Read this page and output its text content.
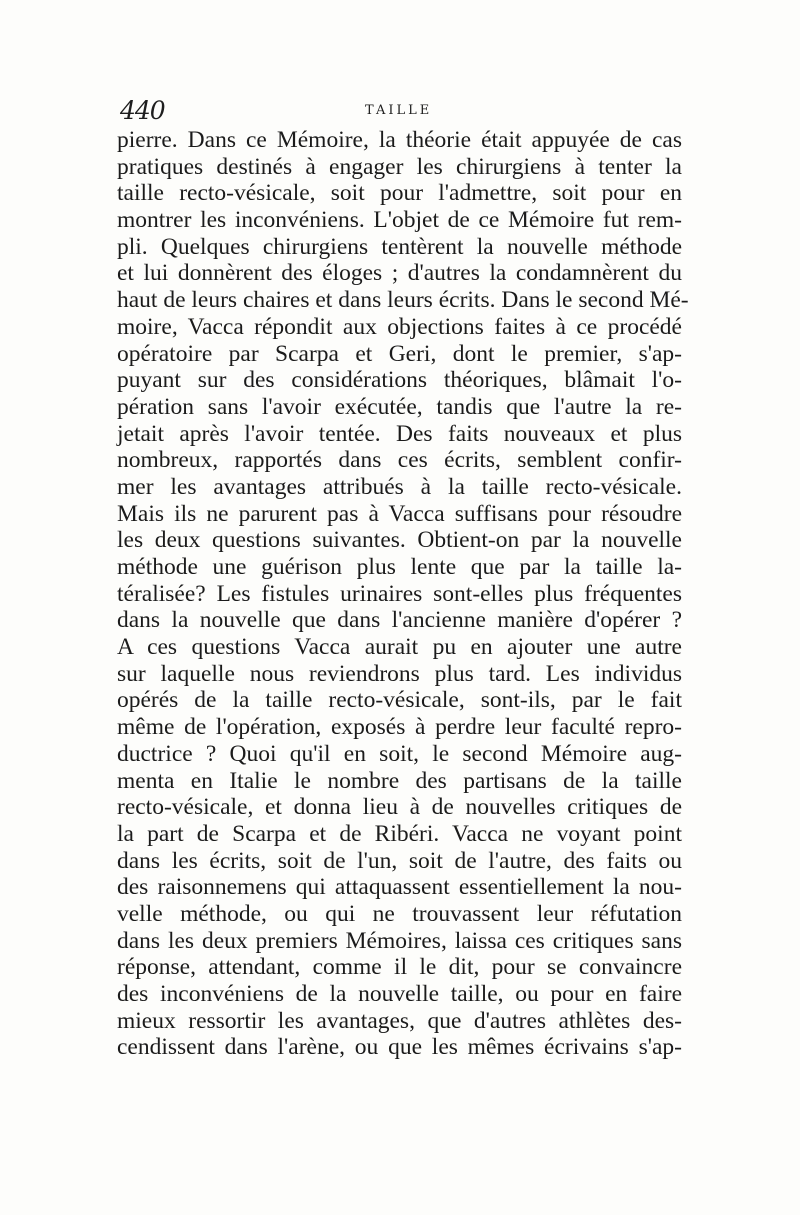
440	TAILLE
pierre. Dans ce Mémoire, la théorie était appuyée de cas
pratiques destinés à engager les chirurgiens à tenter la
taille recto-vésicale, soit pour l'admettre, soit pour en
montrer les inconvéniens. L'objet de ce Mémoire fut rem-
pli. Quelques chirurgiens tentèrent la nouvelle méthode
et lui donnèrent des éloges ; d'autres la condamnèrent du
haut de leurs chaires et dans leurs écrits. Dans le second Mé-
moire, Vacca répondit aux objections faites à ce procédé
opératoire par Scarpa et Geri, dont le premier, s'ap-
puyant sur des considérations théoriques, blâmait l'o-
pération sans l'avoir exécutée, tandis que l'autre la re-
jetait après l'avoir tentée. Des faits nouveaux et plus
nombreux, rapportés dans ces écrits, semblent confir-
mer les avantages attribués à la taille recto-vésicale.
Mais ils ne parurent pas à Vacca suffisans pour résoudre
les deux questions suivantes. Obtient-on par la nouvelle
méthode une guérison plus lente que par la taille la-
téralisée? Les fistules urinaires sont-elles plus fréquentes
dans la nouvelle que dans l'ancienne manière d'opérer ?
A ces questions Vacca aurait pu en ajouter une autre
sur laquelle nous reviendrons plus tard. Les individus
opérés de la taille recto-vésicale, sont-ils, par le fait
même de l'opération, exposés à perdre leur faculté repro-
ductrice ? Quoi qu'il en soit, le second Mémoire aug-
menta en Italie le nombre des partisans de la taille
recto-vésicale, et donna lieu à de nouvelles critiques de
la part de Scarpa et de Ribéri. Vacca ne voyant point
dans les écrits, soit de l'un, soit de l'autre, des faits ou
des raisonnemens qui attaquassent essentiellement la nou-
velle méthode, ou qui ne trouvassent leur réfutation
dans les deux premiers Mémoires, laissa ces critiques sans
réponse, attendant, comme il le dit, pour se convaincre
des inconvéniens de la nouvelle taille, ou pour en faire
mieux ressortir les avantages, que d'autres athlètes des-
cendissent dans l'arène, ou que les mêmes écrivains s'ap-
